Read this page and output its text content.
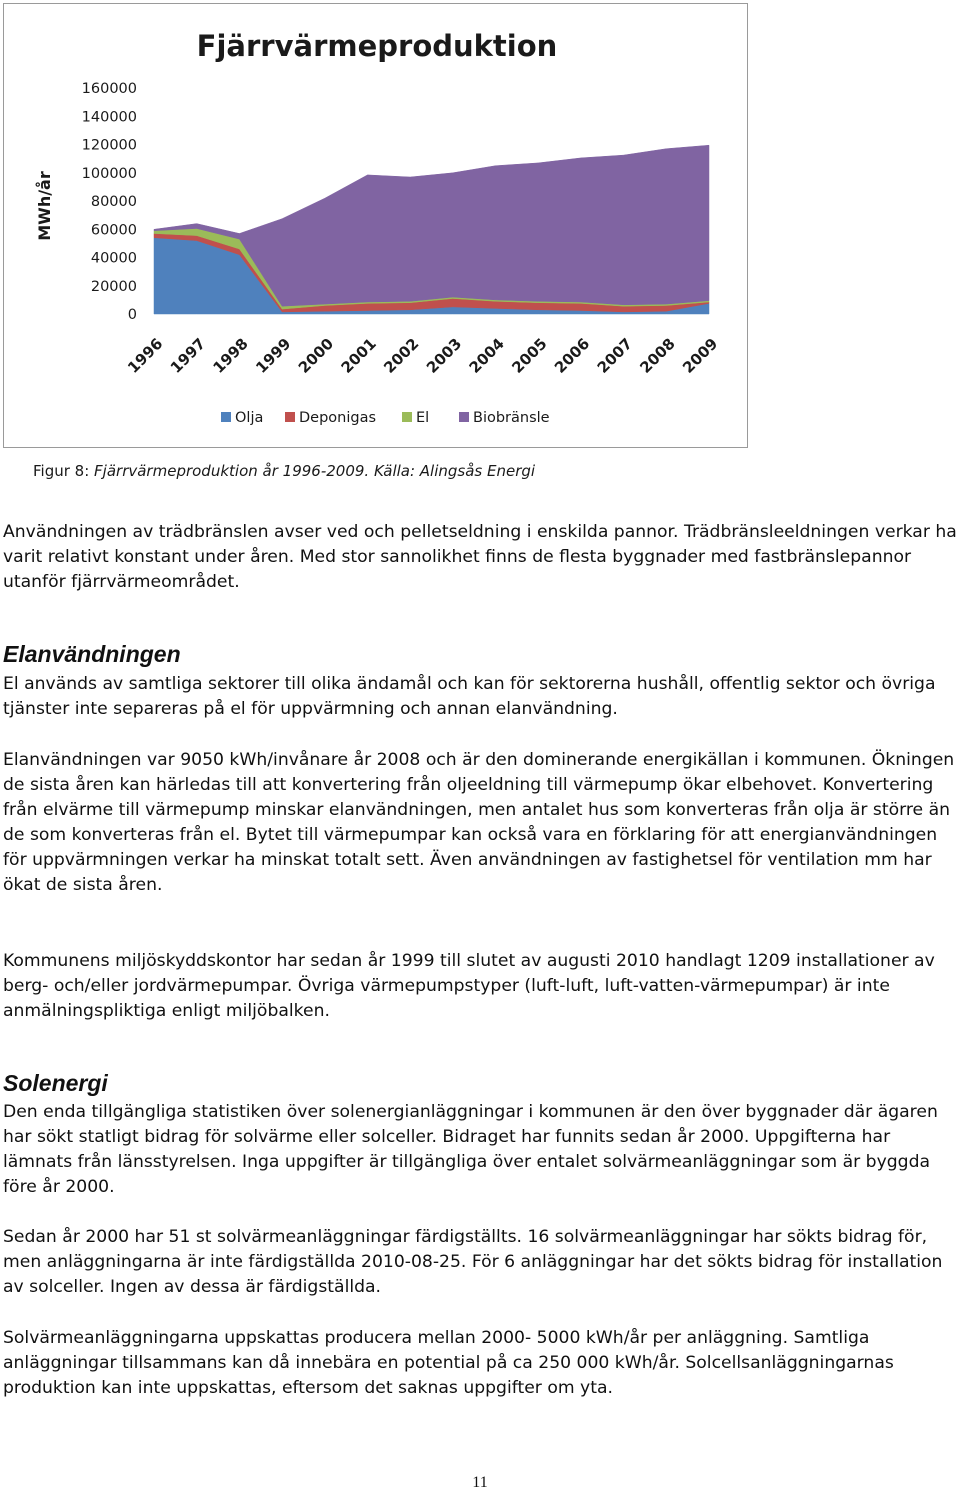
Fjärrvärmeproduktion
MWh/år
160000
140000
120000
100000
80000
60000
40000
20000
0
1996 1997 1998 1999 2000 2001 2002 2003 2004 2005 2006 2007 2008 2009
Olja Deponigas	El	Biobränsle
Figur 8: Fjärrvärmeproduktion år 1996-2009. Källa: Alingsås Energi

Användningen av trädbränslen avser ved och pelletseldning i enskilda pannor. Trädbränsleeldningen verkar ha varit relativt konstant under åren. Med stor sannolikhet finns de flesta byggnader med fastbränslepannor utanför fjärrvärmeområdet.

Elanvändningen

El används av samtliga sektorer till olika ändamål och kan för sektorerna hushåll, offentlig sektor och övriga tjänster inte separeras på el för uppvärmning och annan elanvändning.

Elanvändningen var 9050 kWh/invånare år 2008 och är den dominerande energikällan i kommunen. Ökningen de sista åren kan härledas till att konvertering från oljeeldning till värmepump ökar elbehovet. Konvertering från elvärme till värmepump minskar elanvändningen, men antalet hus som konverteras från olja är större än de som konverteras från el. Bytet till värmepumpar kan också vara en förklaring för att energianvändningen för uppvärmningen verkar ha minskat totalt sett. Även användningen av fastighetsel för ventilation mm har ökat de sista åren.

Kommunens miljöskyddskontor har sedan år 1999 till slutet av augusti 2010 handlagt 1209 installationer av berg- och/eller jordvärmepumpar. Övriga värmepumpstyper (luft-luft, luft-vatten-värmepumpar) är inte anmälningspliktiga enligt miljöbalken.

Solenergi

Den enda tillgängliga statistiken över solenergianläggningar i kommunen är den över byggnader där ägaren har sökt statligt bidrag för solvärme eller solceller. Bidraget har funnits sedan år 2000. Uppgifterna har lämnats från länsstyrelsen. Inga uppgifter är tillgängliga över entalet solvärmeanläggningar som är byggda före år 2000.

Sedan år 2000 har 51 st solvärmeanläggningar färdigställts. 16 solvärmeanläggningar har sökts bidrag för, men anläggningarna är inte färdigställda 2010-08-25. För 6 anläggningar har det sökts bidrag för installation av solceller. Ingen av dessa är färdigställda.

Solvärmeanläggningarna uppskattas producera mellan 2000- 5000 kWh/år per anläggning. Samtliga anläggningar tillsammans kan då innebära en potential på ca 250 000 kWh/år. Solcellsanläggningarnas produktion kan inte uppskattas, eftersom det saknas uppgifter om yta.

11
